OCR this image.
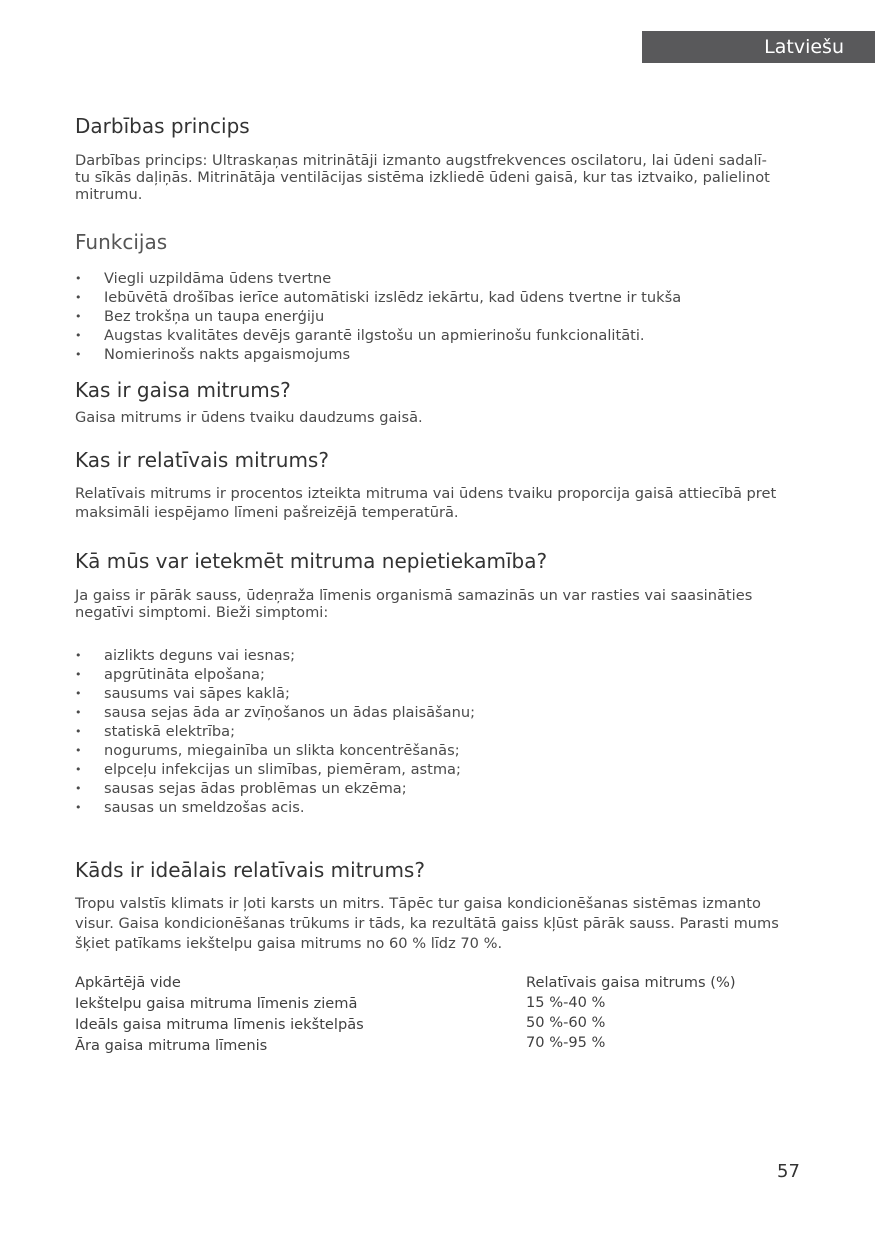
Latviešu
Darbības princips

Darbības princips: Ultraskaņas mitrinātāji izmanto augstfrekvences oscilatoru, lai ūdeni sadalī-
tu sīkās daļiņās. Mitrinātāja ventilācijas sistēma izkliedē ūdeni gaisā, kur tas iztvaiko, palielinot
mitrumu.

Funkcijas
• Viegli uzpildāma ūdens tvertne
• Iebūvētā drošības ierīce automātiski izslēdz iekārtu, kad ūdens tvertne ir tukša
• Bez trokšņa un taupa enerģiju
• Augstas kvalitātes devējs garantē ilgstošu un apmierinošu funkcionalitāti.
• Nomierinošs nakts apgaismojums
Kas ir gaisa mitrums?

Gaisa mitrums ir ūdens tvaiku daudzums gaisā.

Kas ir relatīvais mitrums?

Relatīvais mitrums ir procentos izteikta mitruma vai ūdens tvaiku proporcija gaisā attiecībā pret
maksimāli iespējamo līmeni pašreizējā temperatūrā.

Kā mūs var ietekmēt mitruma nepietiekamība?

Ja gaiss ir pārāk sauss, ūdeņraža līmenis organismā samazinās un var rasties vai saasināties
negatīvi simptomi. Bieži simptomi:

• aizlikts deguns vai iesnas;
• apgrūtināta elpošana;
• sausums vai sāpes kaklā;
• sausa sejas āda ar zvīņošanos un ādas plaisāšanu;
• statiskā elektrība;
• nogurums, miegainība un slikta koncentrēšanās;
• elpceļu infekcijas un slimības, piemēram, astma;
• sausas sejas ādas problēmas un ekzēma;
• sausas un smeldzošas acis.
Kāds ir ideālais relatīvais mitrums?

Tropu valstīs klimats ir ļoti karsts un mitrs. Tāpēc tur gaisa kondicionēšanas sistēmas izmanto
visur. Gaisa kondicionēšanas trūkums ir tāds, ka rezultātā gaiss kļūst pārāk sauss. Parasti mums
šķiet patīkams iekštelpu gaisa mitrums no 60 % līdz 70 %.

Apkārtējā vide
Iekštelpu gaisa mitruma līmenis ziemā
Ideāls gaisa mitruma līmenis iekštelpās
Āra gaisa mitruma līmenis
Relatīvais gaisa mitrums (%)
15 %-40 %
50 %-60 %
70 %-95 %
57
